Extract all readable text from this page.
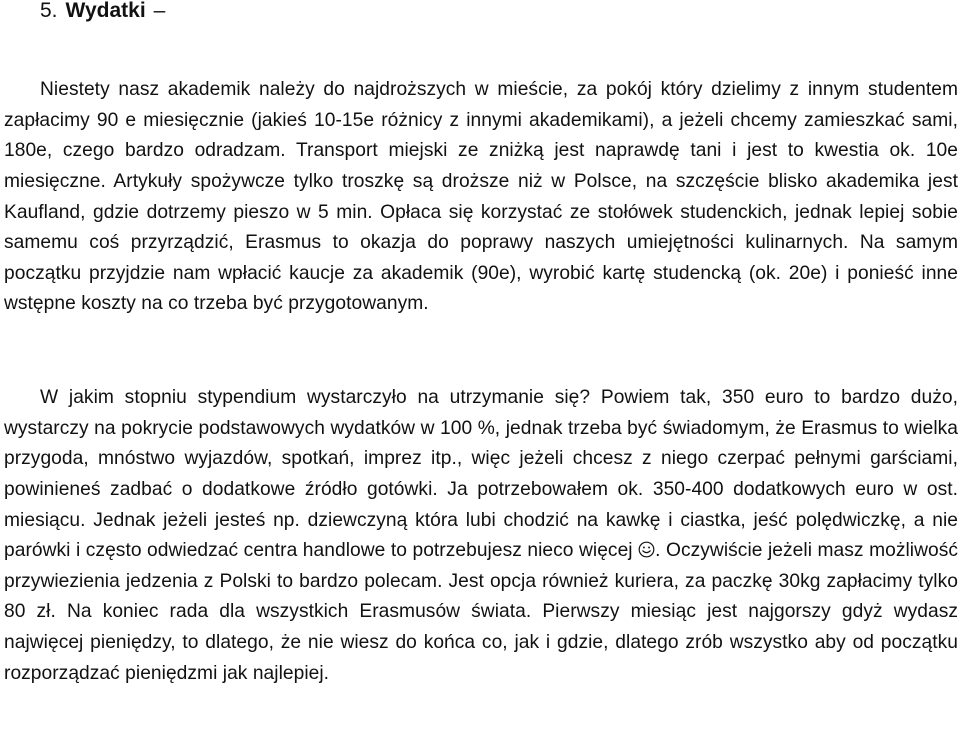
5. Wydatki –

Niestety nasz akademik należy do najdroższych w mieście, za pokój który dzielimy z innym studentem zapłacimy 90 e miesięcznie (jakieś 10-15e różnicy z innymi akademikami), a jeżeli chcemy zamieszkać sami, 180e, czego bardzo odradzam. Transport miejski ze zniżką jest naprawdę tani i jest to kwestia ok. 10e miesięczne. Artykuły spożywcze tylko troszkę są droższe niż w Polsce, na szczęście blisko akademika jest Kaufland, gdzie dotrzemy pieszo w 5 min. Opłaca się korzystać ze stołówek studenckich, jednak lepiej sobie samemu coś przyrządzić, Erasmus to okazja do poprawy naszych umiejętności kulinarnych. Na samym początku przyjdzie nam wpłacić kaucje za akademik (90e), wyrobić kartę studencką (ok. 20e) i ponieść inne wstępne koszty na co trzeba być przygotowanym.

W jakim stopniu stypendium wystarczyło na utrzymanie się? Powiem tak, 350 euro to bardzo dużo, wystarczy na pokrycie podstawowych wydatków w 100 %, jednak trzeba być świadomym, że Erasmus to wielka przygoda, mnóstwo wyjazdów, spotkań, imprez itp., więc jeżeli chcesz z niego czerpać pełnymi garściami, powinieneś zadbać o dodatkowe źródło gotówki. Ja potrzebowałem ok. 350-400 dodatkowych euro w ost. miesiącu. Jednak jeżeli jesteś np. dziewczyną która lubi chodzić na kawkę i ciastka, jeść polędwiczkę, a nie parówki i często odwiedzać centra handlowe to potrzebujesz nieco więcej . Oczywiście jeżeli masz możliwość przywiezienia jedzenia z Polski to bardzo polecam. Jest opcja również kuriera, za paczkę 30kg zapłacimy tylko 80 zł. Na koniec rada dla wszystkich Erasmusów świata. Pierwszy miesiąc jest najgorszy gdyż wydasz najwięcej pieniędzy, to dlatego, że nie wiesz do końca co, jak i gdzie, dlatego zrób wszystko aby od początku rozporządzać pieniędzmi jak najlepiej.
